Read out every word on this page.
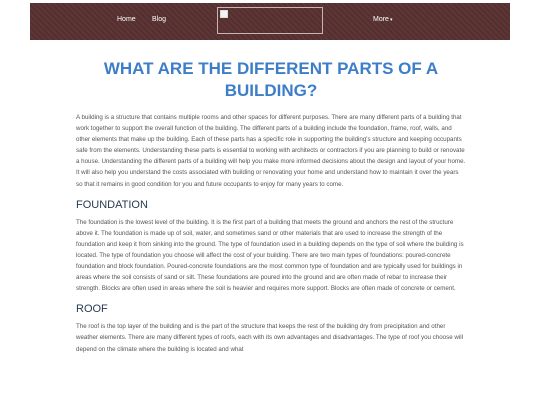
Home Blog	More▾
WHAT ARE THE DIFFERENT PARTS OF A BUILDING?

A building is a structure that contains multiple rooms and other spaces for different purposes. There are many different parts of a building that work together to support the overall function of the building. The different parts of a building include the foundation, frame, roof, walls, and other elements that make up the building. Each of these parts has a specific role in supporting the building's structure and keeping occupants safe from the elements. Understanding these parts is essential to working with architects or contractors if you are planning to build or renovate a house. Understanding the different parts of a building will help you make more informed decisions about the design and layout of your home. It will also help you understand the costs associated with building or renovating your home and understand how to maintain it over the years so that it remains in good condition for you and future occupants to enjoy for many years to come.

FOUNDATION

The foundation is the lowest level of the building. It is the first part of a building that meets the ground and anchors the rest of the structure above it. The foundation is made up of soil, water, and sometimes sand or other materials that are used to increase the strength of the foundation and keep it from sinking into the ground. The type of foundation used in a building depends on the type of soil where the building is located. The type of foundation you choose will affect the cost of your building. There are two main types of foundations: poured-concrete foundation and block foundation. Poured-concrete foundations are the most common type of foundation and are typically used for buildings in areas where the soil consists of sand or silt. These foundations are poured into the ground and are often made of rebar to increase their strength. Blocks are often used in areas where the soil is heavier and requires more support. Blocks are often made of concrete or cement.

ROOF

The roof is the top layer of the building and is the part of the structure that keeps the rest of the building dry from precipitation and other weather elements. There are many different types of roofs, each with its own advantages and disadvantages. The type of roof you choose will depend on the climate where the building is located and what
